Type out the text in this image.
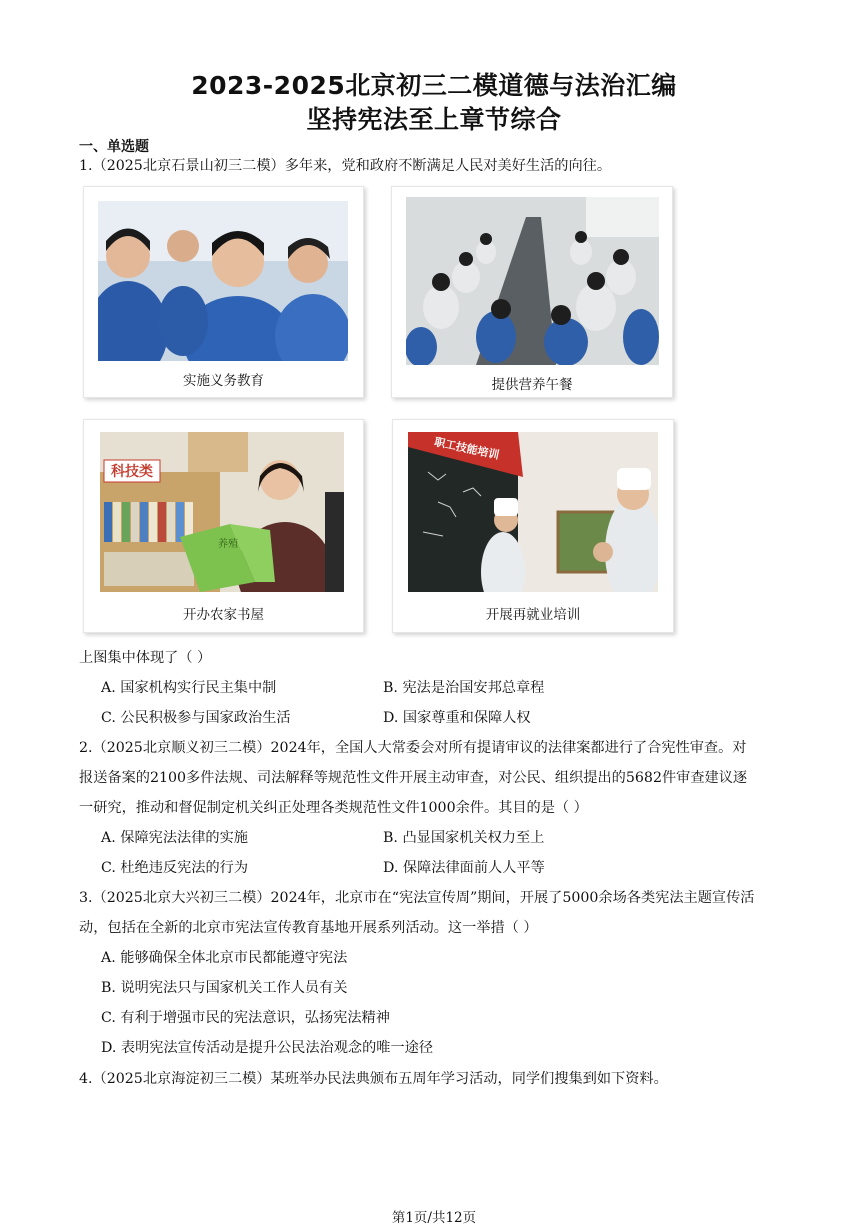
2023-2025北京初三二模道德与法治汇编
坚持宪法至上章节综合
一、单选题
1.（2025北京石景山初三二模）多年来，党和政府不断满足人民对美好生活的向往。
实施义务教育	提供营养午餐
科技类
养殖
开办农家书屋
职工技能培训
开展再就业培训
上图集中体现了（ ）
A. 国家机构实行民主集中制	B. 宪法是治国安邦总章程
C. 公民积极参与国家政治生活	D. 国家尊重和保障人权
2.（2025北京顺义初三二模）2024年，全国人大常委会对所有提请审议的法律案都进行了合宪性审查。对
报送备案的2100多件法规、司法解释等规范性文件开展主动审查，对公民、组织提出的5682件审查建议逐
一研究，推动和督促制定机关纠正处理各类规范性文件1000余件。其目的是（ ）
A. 保障宪法法律的实施	B. 凸显国家机关权力至上
C. 杜绝违反宪法的行为	D. 保障法律面前人人平等
3.（2025北京大兴初三二模）2024年，北京市在“宪法宣传周”期间，开展了5000余场各类宪法主题宣传活
动，包括在全新的北京市宪法宣传教育基地开展系列活动。这一举措（ ）
A. 能够确保全体北京市民都能遵守宪法
B. 说明宪法只与国家机关工作人员有关
C. 有利于增强市民的宪法意识，弘扬宪法精神
D. 表明宪法宣传活动是提升公民法治观念的唯一途径
4.（2025北京海淀初三二模）某班举办民法典颁布五周年学习活动，同学们搜集到如下资料。
第1页/共12页
